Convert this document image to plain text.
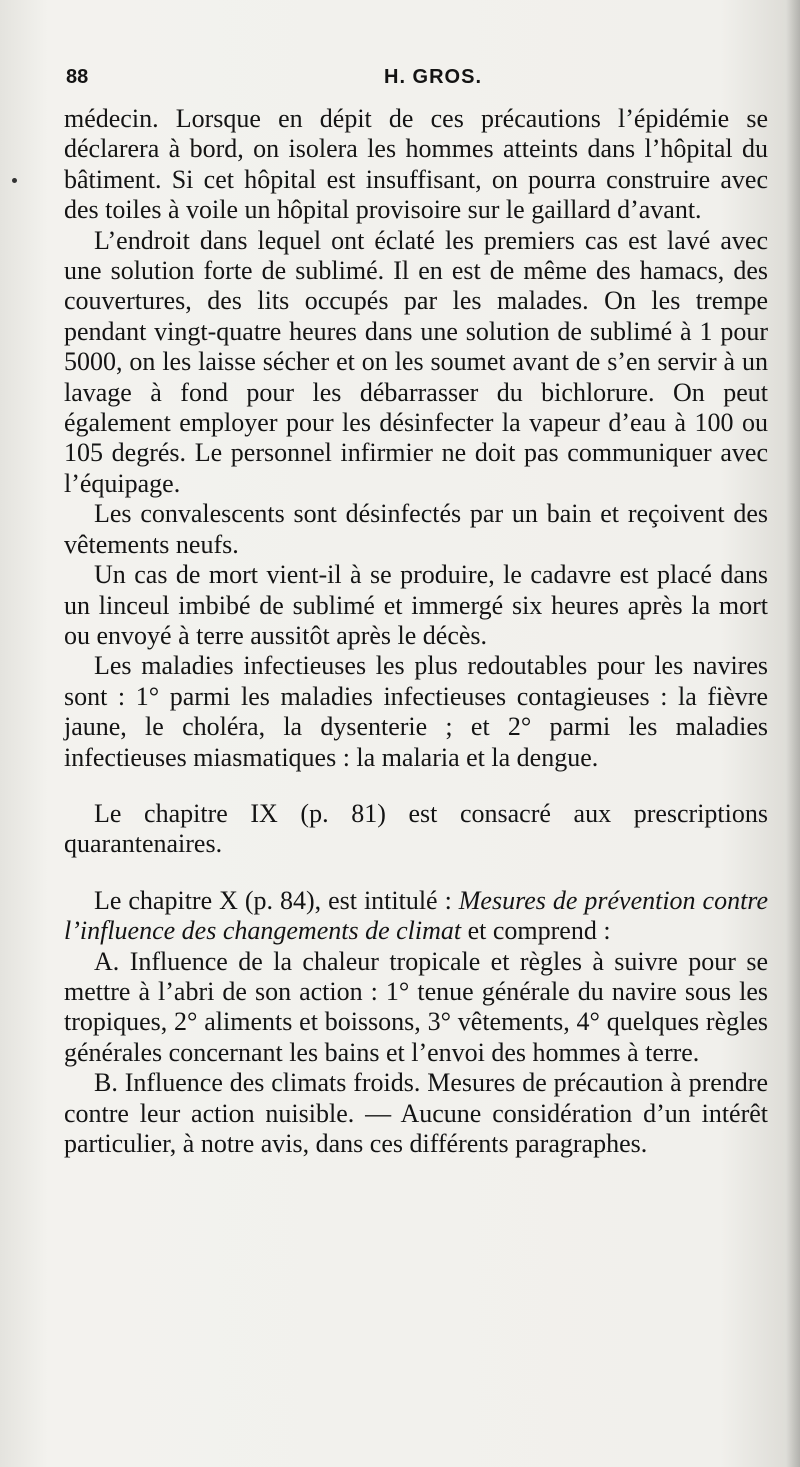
88	H. GROS.

médecin. Lorsque en dépit de ces précautions l’épidémie se déclarera à bord, on isolera les hommes atteints dans l’hôpital du bâtiment. Si cet hôpital est insuffisant, on pourra construire avec des toiles à voile un hôpital provisoire sur le gaillard d’avant.

L’endroit dans lequel ont éclaté les premiers cas est lavé avec une solution forte de sublimé. Il en est de même des hamacs, des couvertures, des lits occupés par les malades. On les trempe pendant vingt-quatre heures dans une solution de sublimé à 1 pour 5000, on les laisse sécher et on les soumet avant de s’en servir à un lavage à fond pour les débarrasser du bichlorure. On peut également employer pour les désinfecter la vapeur d’eau à 100 ou 105 degrés. Le personnel infirmier ne doit pas communiquer avec l’équipage.

Les convalescents sont désinfectés par un bain et reçoivent des vêtements neufs.

Un cas de mort vient-il à se produire, le cadavre est placé dans un linceul imbibé de sublimé et immergé six heures après la mort ou envoyé à terre aussitôt après le décès.

Les maladies infectieuses les plus redoutables pour les navires sont : 1° parmi les maladies infectieuses contagieuses : la fièvre jaune, le choléra, la dysenterie ; et 2° parmi les maladies infectieuses miasmatiques : la malaria et la dengue.

Le chapitre IX (p. 81) est consacré aux prescriptions quarantenaires.

Le chapitre X (p. 84), est intitulé : Mesures de prévention contre l’influence des changements de climat et comprend :

A. Influence de la chaleur tropicale et règles à suivre pour se mettre à l’abri de son action : 1° tenue générale du navire sous les tropiques, 2° aliments et boissons, 3° vêtements, 4° quelques règles générales concernant les bains et l’envoi des hommes à terre.

B. Influence des climats froids. Mesures de précaution à prendre contre leur action nuisible. — Aucune considération d’un intérêt particulier, à notre avis, dans ces différents paragraphes.
